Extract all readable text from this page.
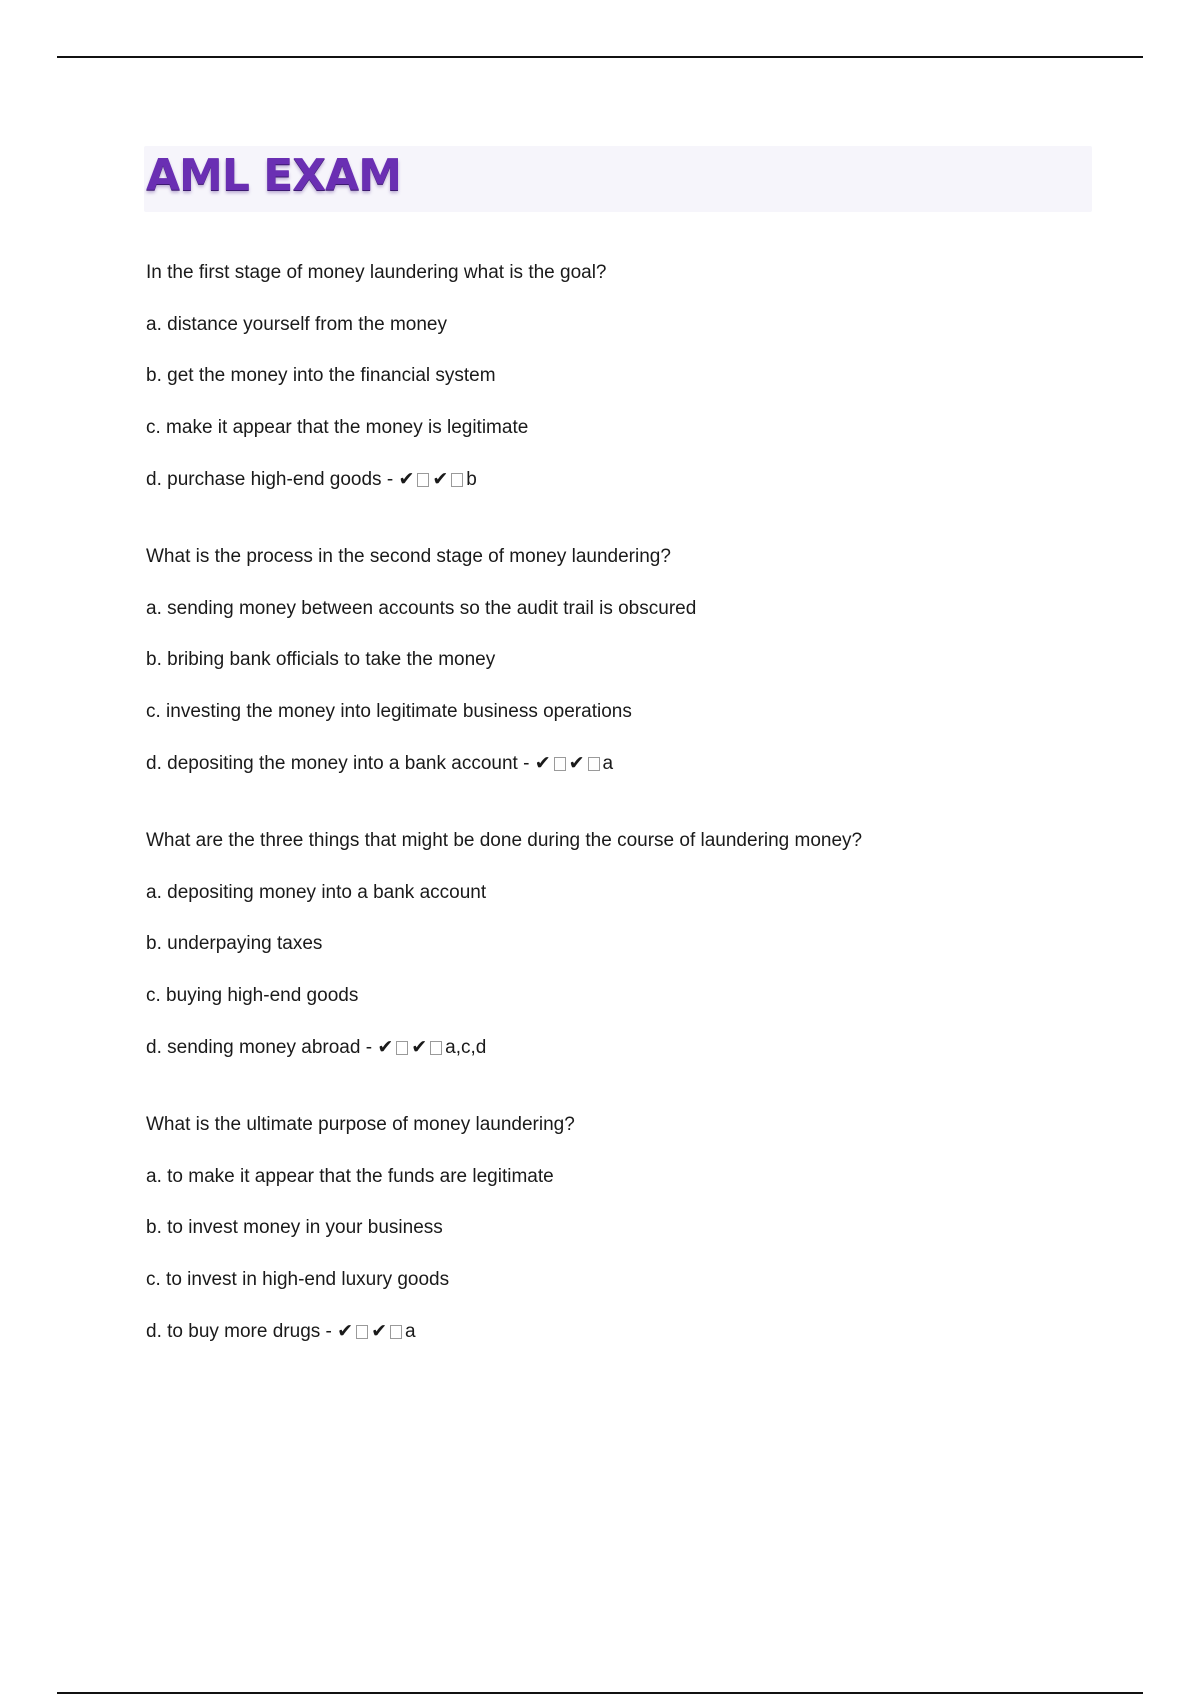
AML EXAM
In the first stage of money laundering what is the goal?
a. distance yourself from the money
b. get the money into the financial system
c. make it appear that the money is legitimate
d. purchase high-end goods - ✔ ✔ b
What is the process in the second stage of money laundering?
a. sending money between accounts so the audit trail is obscured
b. bribing bank officials to take the money
c. investing the money into legitimate business operations
d. depositing the money into a bank account - ✔ ✔ a
What are the three things that might be done during the course of laundering money?
a. depositing money into a bank account
b. underpaying taxes
c. buying high-end goods
d. sending money abroad - ✔ ✔ a,c,d
What is the ultimate purpose of money laundering?
a. to make it appear that the funds are legitimate
b. to invest money in your business
c. to invest in high-end luxury goods
d. to buy more drugs - ✔ ✔ a
